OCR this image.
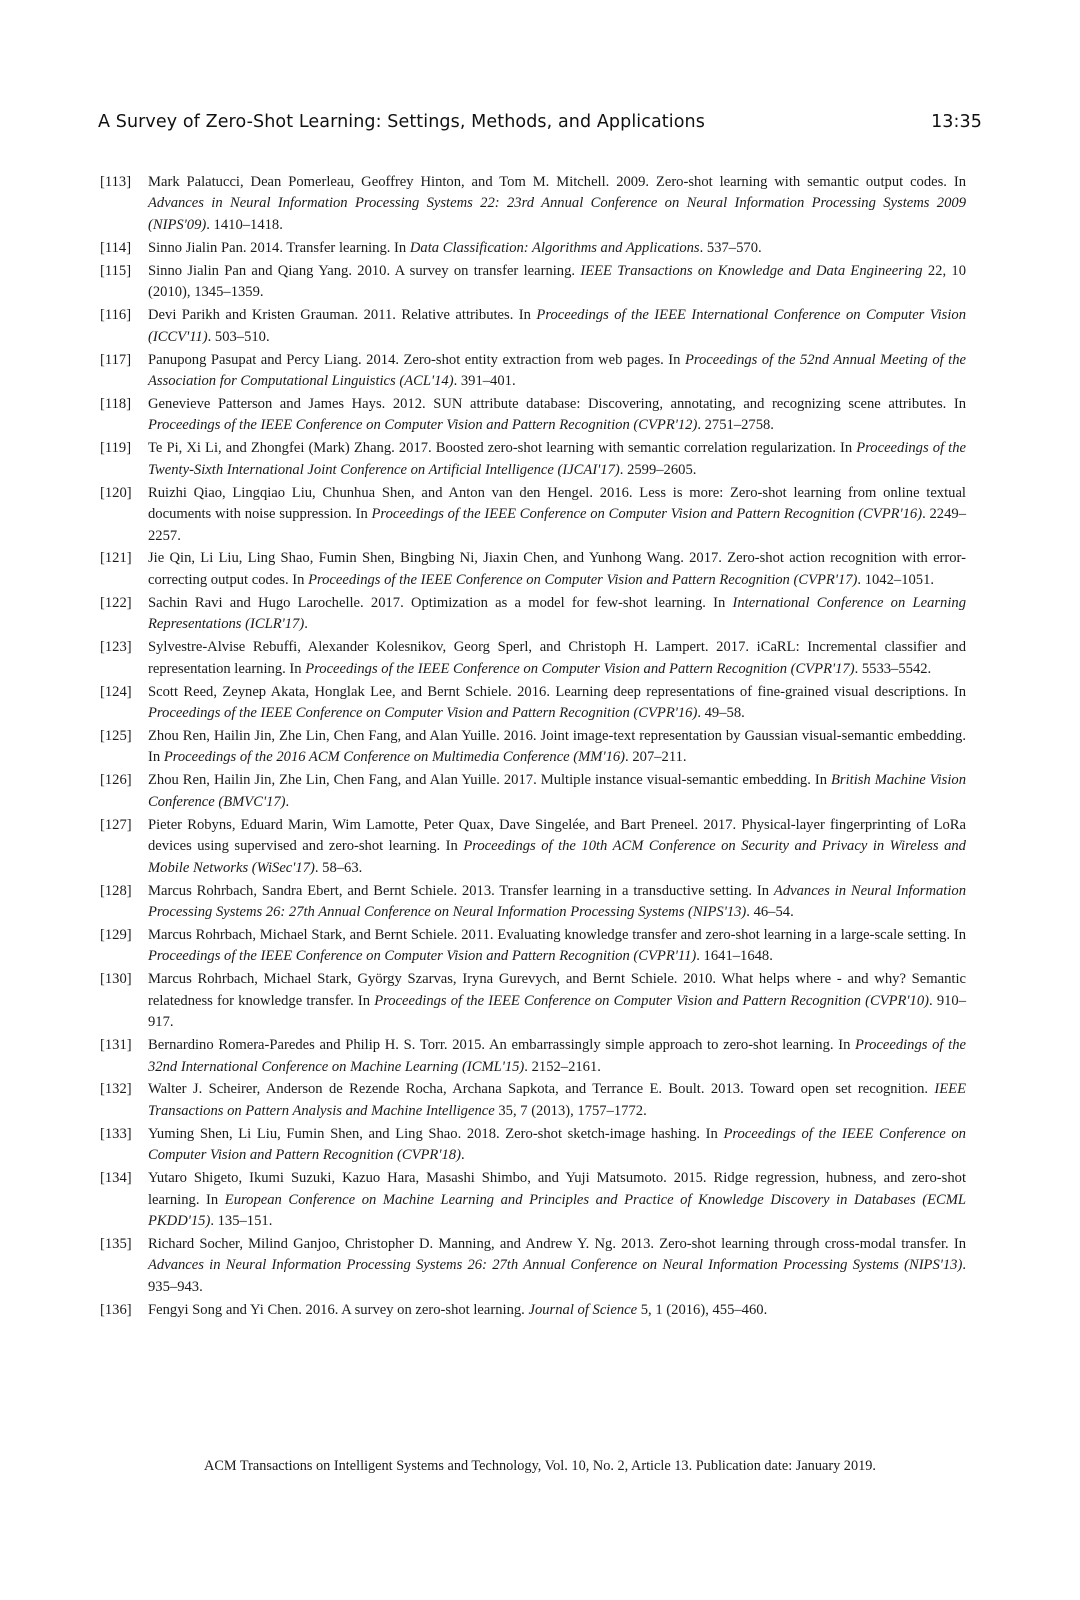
A Survey of Zero-Shot Learning: Settings, Methods, and Applications	13:35
[113]	Mark Palatucci, Dean Pomerleau, Geoffrey Hinton, and Tom M. Mitchell. 2009. Zero-shot learning with semantic output codes. In Advances in Neural Information Processing Systems 22: 23rd Annual Conference on Neural Information Processing Systems 2009 (NIPS'09). 1410–1418.
[114]	Sinno Jialin Pan. 2014. Transfer learning. In Data Classification: Algorithms and Applications. 537–570.
[115]	Sinno Jialin Pan and Qiang Yang. 2010. A survey on transfer learning. IEEE Transactions on Knowledge and Data Engineering 22, 10 (2010), 1345–1359.
[116]	Devi Parikh and Kristen Grauman. 2011. Relative attributes. In Proceedings of the IEEE International Conference on Computer Vision (ICCV'11). 503–510.
[117]	Panupong Pasupat and Percy Liang. 2014. Zero-shot entity extraction from web pages. In Proceedings of the 52nd Annual Meeting of the Association for Computational Linguistics (ACL'14). 391–401.
[118]	Genevieve Patterson and James Hays. 2012. SUN attribute database: Discovering, annotating, and recognizing scene attributes. In Proceedings of the IEEE Conference on Computer Vision and Pattern Recognition (CVPR'12). 2751–2758.
[119]	Te Pi, Xi Li, and Zhongfei (Mark) Zhang. 2017. Boosted zero-shot learning with semantic correlation regularization. In Proceedings of the Twenty-Sixth International Joint Conference on Artificial Intelligence (IJCAI'17). 2599–2605.
[120]	Ruizhi Qiao, Lingqiao Liu, Chunhua Shen, and Anton van den Hengel. 2016. Less is more: Zero-shot learning from online textual documents with noise suppression. In Proceedings of the IEEE Conference on Computer Vision and Pattern Recognition (CVPR'16). 2249–2257.
[121]	Jie Qin, Li Liu, Ling Shao, Fumin Shen, Bingbing Ni, Jiaxin Chen, and Yunhong Wang. 2017. Zero-shot action recognition with error-correcting output codes. In Proceedings of the IEEE Conference on Computer Vision and Pattern Recognition (CVPR'17). 1042–1051.
[122]	Sachin Ravi and Hugo Larochelle. 2017. Optimization as a model for few-shot learning. In International Conference on Learning Representations (ICLR'17).
[123]	Sylvestre-Alvise Rebuffi, Alexander Kolesnikov, Georg Sperl, and Christoph H. Lampert. 2017. iCaRL: Incremental classifier and representation learning. In Proceedings of the IEEE Conference on Computer Vision and Pattern Recognition (CVPR'17). 5533–5542.
[124]	Scott Reed, Zeynep Akata, Honglak Lee, and Bernt Schiele. 2016. Learning deep representations of fine-grained visual descriptions. In Proceedings of the IEEE Conference on Computer Vision and Pattern Recognition (CVPR'16). 49–58.
[125]	Zhou Ren, Hailin Jin, Zhe Lin, Chen Fang, and Alan Yuille. 2016. Joint image-text representation by Gaussian visual-semantic embedding. In Proceedings of the 2016 ACM Conference on Multimedia Conference (MM'16). 207–211.
[126]	Zhou Ren, Hailin Jin, Zhe Lin, Chen Fang, and Alan Yuille. 2017. Multiple instance visual-semantic embedding. In British Machine Vision Conference (BMVC'17).
[127]	Pieter Robyns, Eduard Marin, Wim Lamotte, Peter Quax, Dave Singelée, and Bart Preneel. 2017. Physical-layer fingerprinting of LoRa devices using supervised and zero-shot learning. In Proceedings of the 10th ACM Conference on Security and Privacy in Wireless and Mobile Networks (WiSec'17). 58–63.
[128]	Marcus Rohrbach, Sandra Ebert, and Bernt Schiele. 2013. Transfer learning in a transductive setting. In Advances in Neural Information Processing Systems 26: 27th Annual Conference on Neural Information Processing Systems (NIPS'13). 46–54.
[129]	Marcus Rohrbach, Michael Stark, and Bernt Schiele. 2011. Evaluating knowledge transfer and zero-shot learning in a large-scale setting. In Proceedings of the IEEE Conference on Computer Vision and Pattern Recognition (CVPR'11). 1641–1648.
[130]	Marcus Rohrbach, Michael Stark, György Szarvas, Iryna Gurevych, and Bernt Schiele. 2010. What helps where - and why? Semantic relatedness for knowledge transfer. In Proceedings of the IEEE Conference on Computer Vision and Pattern Recognition (CVPR'10). 910–917.
[131]	Bernardino Romera-Paredes and Philip H. S. Torr. 2015. An embarrassingly simple approach to zero-shot learning. In Proceedings of the 32nd International Conference on Machine Learning (ICML'15). 2152–2161.
[132]	Walter J. Scheirer, Anderson de Rezende Rocha, Archana Sapkota, and Terrance E. Boult. 2013. Toward open set recognition. IEEE Transactions on Pattern Analysis and Machine Intelligence 35, 7 (2013), 1757–1772.
[133]	Yuming Shen, Li Liu, Fumin Shen, and Ling Shao. 2018. Zero-shot sketch-image hashing. In Proceedings of the IEEE Conference on Computer Vision and Pattern Recognition (CVPR'18).
[134]	Yutaro Shigeto, Ikumi Suzuki, Kazuo Hara, Masashi Shimbo, and Yuji Matsumoto. 2015. Ridge regression, hubness, and zero-shot learning. In European Conference on Machine Learning and Principles and Practice of Knowledge Discovery in Databases (ECML PKDD'15). 135–151.
[135]	Richard Socher, Milind Ganjoo, Christopher D. Manning, and Andrew Y. Ng. 2013. Zero-shot learning through cross-modal transfer. In Advances in Neural Information Processing Systems 26: 27th Annual Conference on Neural Information Processing Systems (NIPS'13). 935–943.
[136]	Fengyi Song and Yi Chen. 2016. A survey on zero-shot learning. Journal of Science 5, 1 (2016), 455–460.
ACM Transactions on Intelligent Systems and Technology, Vol. 10, No. 2, Article 13. Publication date: January 2019.
